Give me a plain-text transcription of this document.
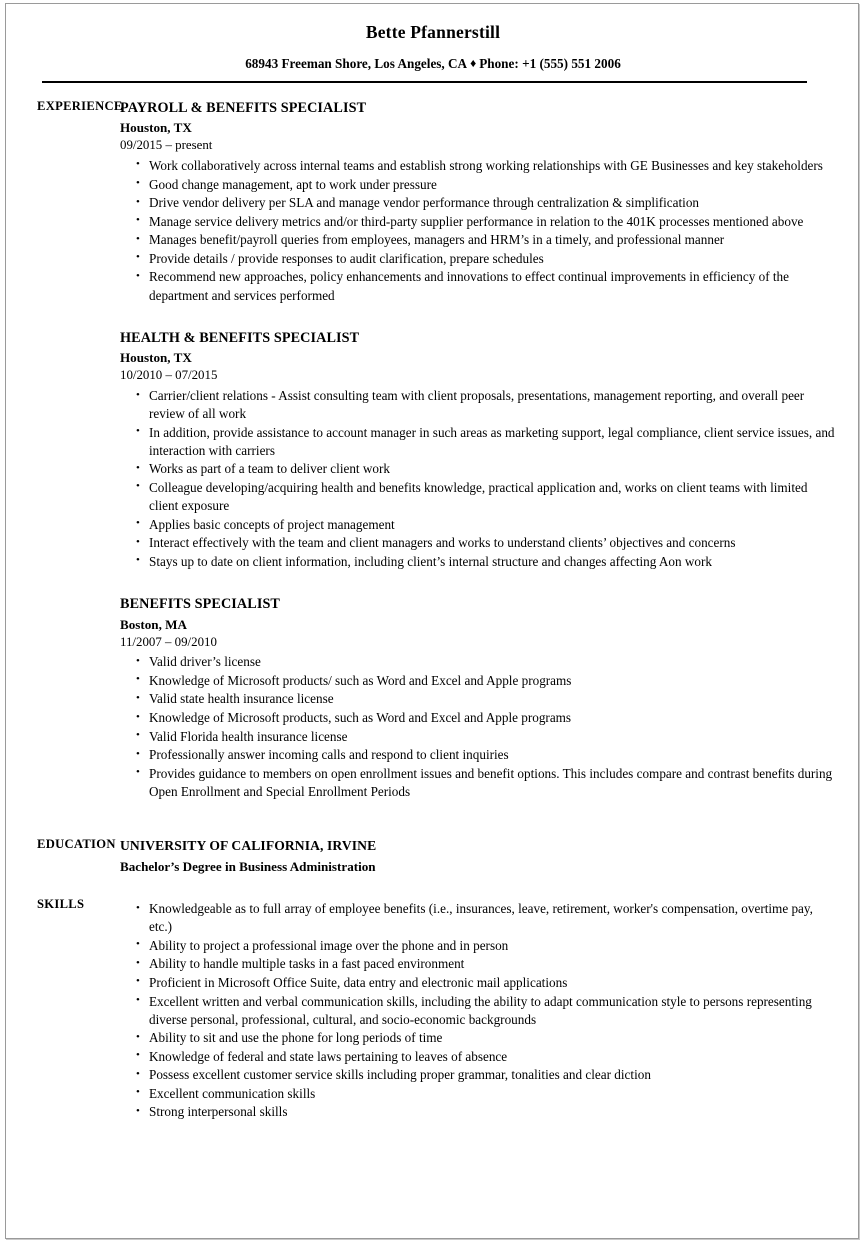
Bette Pfannerstill
68943 Freeman Shore, Los Angeles, CA ♦ Phone: +1 (555) 551 2006
EXPERIENCE
PAYROLL & BENEFITS SPECIALIST
Houston, TX
09/2015 – present
• Work collaboratively across internal teams and establish strong working relationships with GE Businesses and key stakeholders
• Good change management, apt to work under pressure
• Drive vendor delivery per SLA and manage vendor performance through centralization & simplification
• Manage service delivery metrics and/or third-party supplier performance in relation to the 401K processes mentioned above
• Manages benefit/payroll queries from employees, managers and HRM’s in a timely, and professional manner
• Provide details / provide responses to audit clarification, prepare schedules
• Recommend new approaches, policy enhancements and innovations to effect continual improvements in efficiency of the department and services performed
HEALTH & BENEFITS SPECIALIST
Houston, TX
10/2010 – 07/2015
• Carrier/client relations - Assist consulting team with client proposals, presentations, management reporting, and overall peer review of all work
• In addition, provide assistance to account manager in such areas as marketing support, legal compliance, client service issues, and interaction with carriers
• Works as part of a team to deliver client work
• Colleague developing/acquiring health and benefits knowledge, practical application and, works on client teams with limited client exposure
• Applies basic concepts of project management
• Interact effectively with the team and client managers and works to understand clients’ objectives and concerns
• Stays up to date on client information, including client’s internal structure and changes affecting Aon work
BENEFITS SPECIALIST
Boston, MA
11/2007 – 09/2010
• Valid driver’s license
• Knowledge of Microsoft products/ such as Word and Excel and Apple programs
• Valid state health insurance license
• Knowledge of Microsoft products, such as Word and Excel and Apple programs
• Valid Florida health insurance license
• Professionally answer incoming calls and respond to client inquiries
• Provides guidance to members on open enrollment issues and benefit options. This includes compare and contrast benefits during Open Enrollment and Special Enrollment Periods
EDUCATION UNIVERSITY OF CALIFORNIA, IRVINE
Bachelor’s Degree in Business Administration
SKILLS	• Knowledgeable as to full array of employee benefits (i.e., insurances, leave, retirement, worker's compensation, overtime pay, etc.)
• Ability to project a professional image over the phone and in person
• Ability to handle multiple tasks in a fast paced environment
• Proficient in Microsoft Office Suite, data entry and electronic mail applications
• Excellent written and verbal communication skills, including the ability to adapt communication style to persons representing diverse personal, professional, cultural, and socio-economic backgrounds
• Ability to sit and use the phone for long periods of time
• Knowledge of federal and state laws pertaining to leaves of absence
• Possess excellent customer service skills including proper grammar, tonalities and clear diction
• Excellent communication skills
• Strong interpersonal skills
